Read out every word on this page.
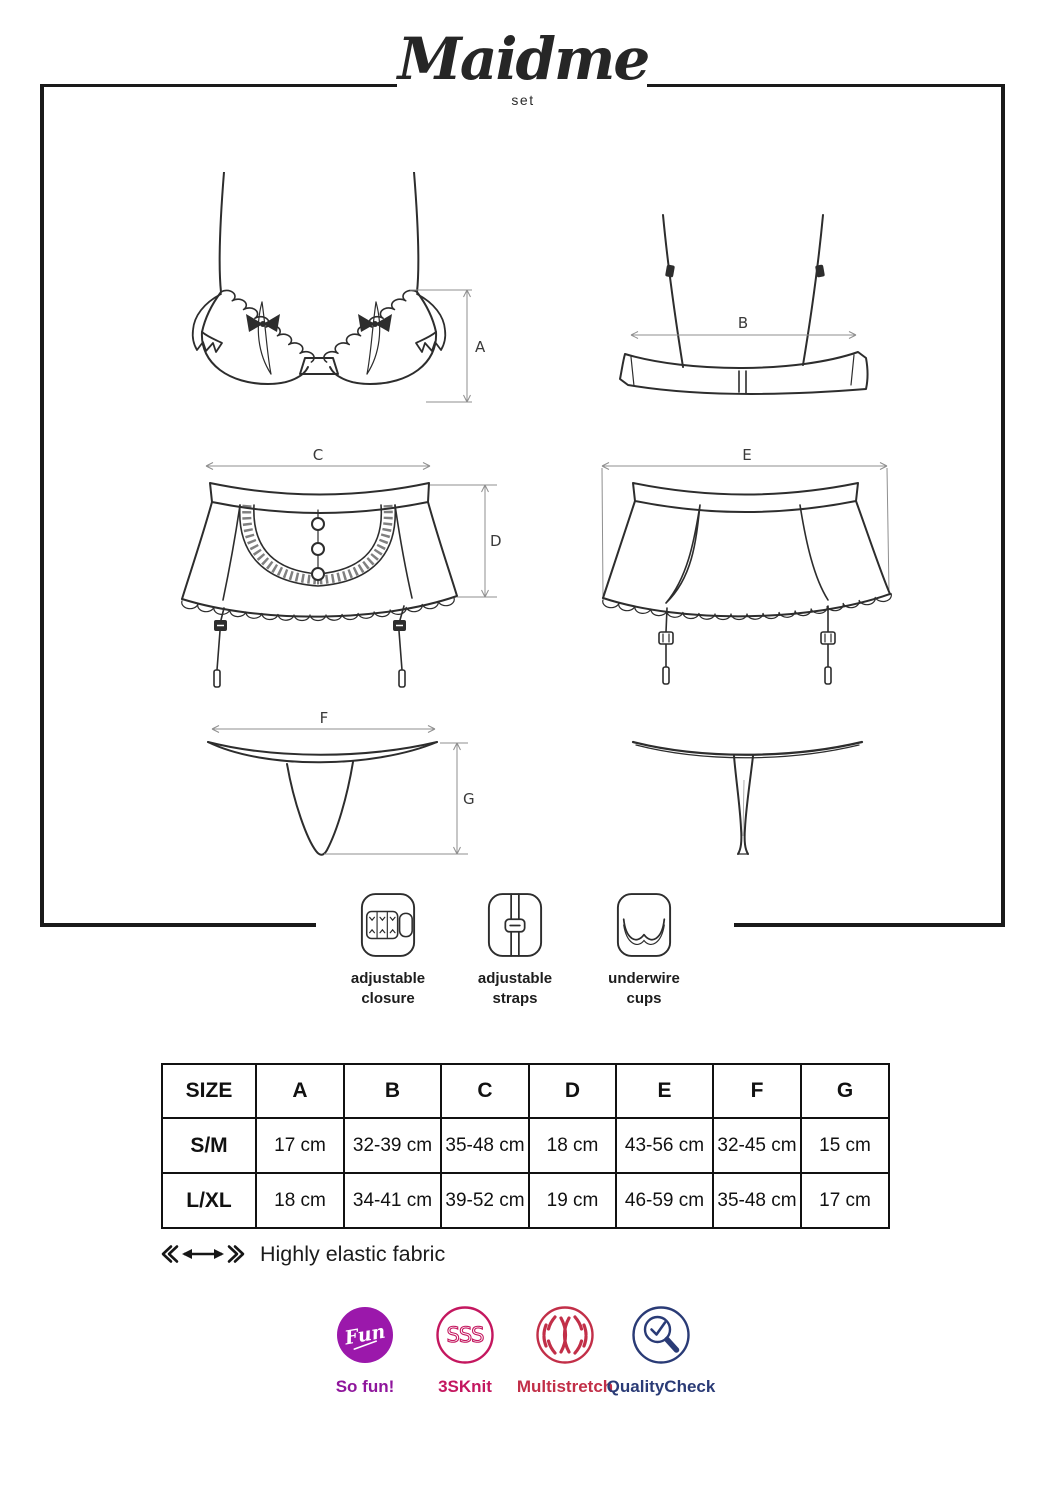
Maidme
set
A
B
C
D
E
F
G
adjustable
closure
adjustable
straps
underwire
cups
SIZE	A	B	C	D	E	F	G
S/M	17 cm	32-39 cm	35-48 cm	18 cm	43-56 cm	32-45 cm	15 cm
L/XL	18 cm	34-41 cm	39-52 cm	19 cm	46-59 cm	35-48 cm	17 cm
Highly elastic fabric
Fun
So fun!
SSS
3SKnit	Multistretch
QualityCheck
